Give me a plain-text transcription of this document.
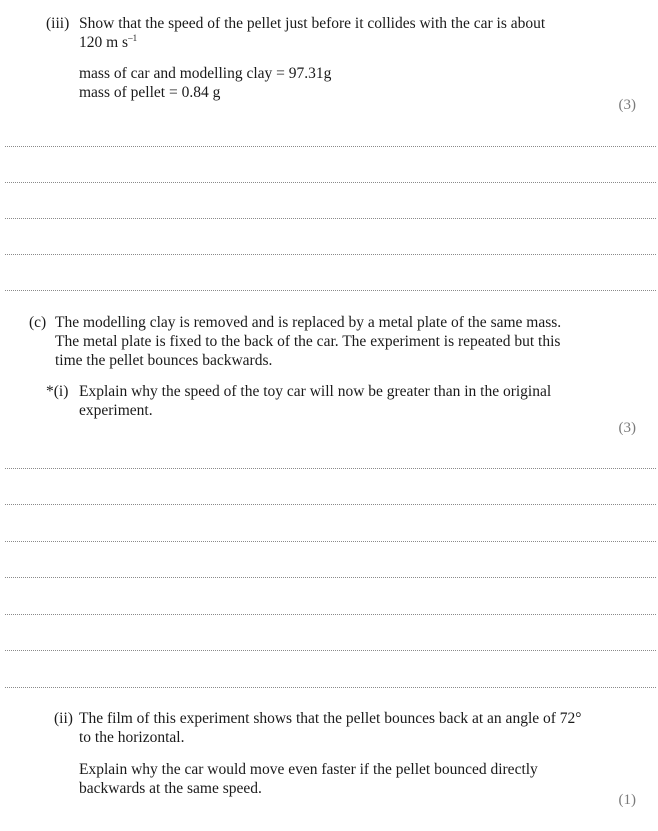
(iii) Show that the speed of the pellet just before it collides with the car is about
120 m $s^{-1}$
mass of car and modelling clay = 97.31g
mass of pellet = 0.84 g
(3)
(c) The modelling clay is removed and is replaced by a metal plate of the same mass.
The metal plate is fixed to the back of the car. The experiment is repeated but this
time the pellet bounces backwards.
*(i) Explain why the speed of the toy car will now be greater than in the original
experiment.
(3)
(ii) The film of this experiment shows that the pellet bounces back at an angle of 72°
to the horizontal.
Explain why the car would move even faster if the pellet bounced directly
backwards at the same speed.
(1)
